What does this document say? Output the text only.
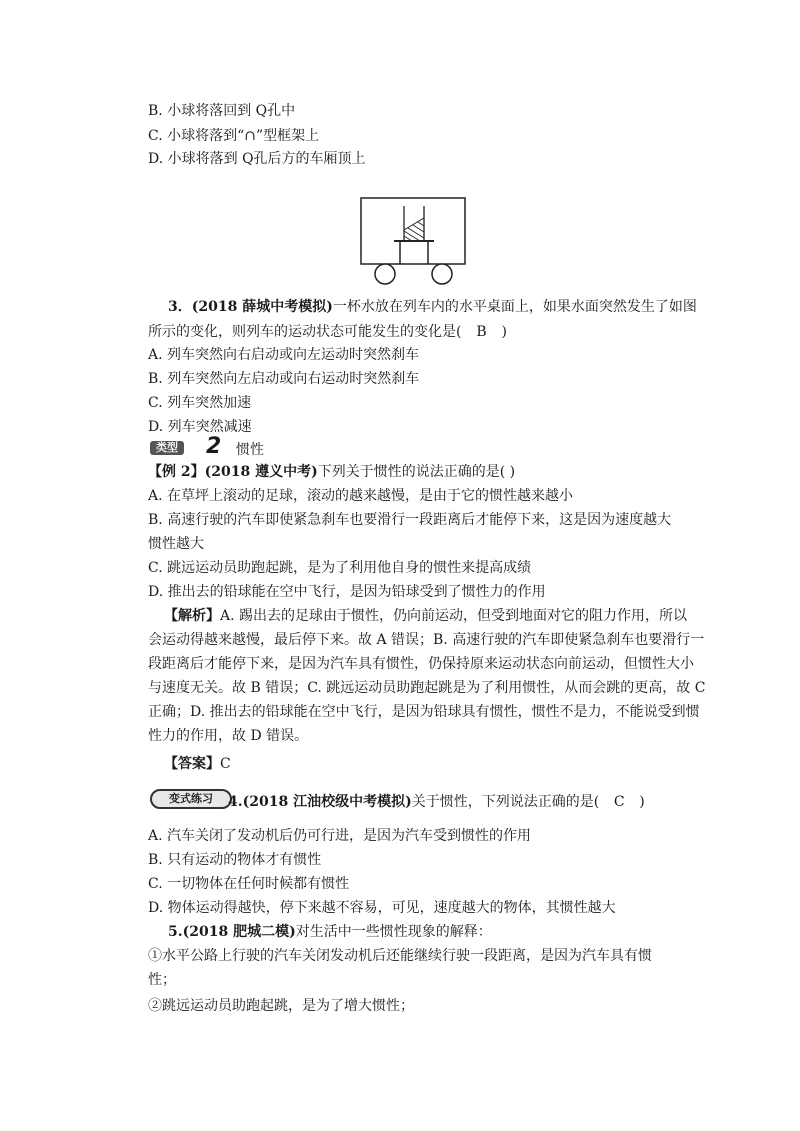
B. 小球将落回到 Q孔中
C. 小球将落到“∩”型框架上
D. 小球将落到 Q孔后方的车厢顶上
3．(2018 薛城中考模拟)一杯水放在列车内的水平桌面上，如果水面突然发生了如图
所示的变化，则列车的运动状态可能发生的变化是( B )
A. 列车突然向右启动或向左运动时突然刹车
B. 列车突然向左启动或向右运动时突然刹车
C. 列车突然加速
D. 列车突然减速
类型 2 惯性
【例 2】(2018 遵义中考)下列关于惯性的说法正确的是( )
A. 在草坪上滚动的足球，滚动的越来越慢，是由于它的惯性越来越小
B. 高速行驶的汽车即使紧急刹车也要滑行一段距离后才能停下来，这是因为速度越大
惯性越大
C. 跳远运动员助跑起跳，是为了利用他自身的惯性来提高成绩
D. 推出去的铅球能在空中飞行，是因为铅球受到了惯性力的作用
【解析】A. 踢出去的足球由于惯性，仍向前运动，但受到地面对它的阻力作用，所以
会运动得越来越慢，最后停下来。故 A 错误；B. 高速行驶的汽车即使紧急刹车也要滑行一
段距离后才能停下来，是因为汽车具有惯性，仍保持原来运动状态向前运动，但惯性大小
与速度无关。故 B 错误；C. 跳远运动员助跑起跳是为了利用惯性，从而会跳的更高，故 C
正确；D. 推出去的铅球能在空中飞行，是因为铅球具有惯性，惯性不是力，不能说受到惯
性力的作用，故 D 错误。
【答案】C
变式练习	4.(2018 江油校级中考模拟)关于惯性，下列说法正确的是( C )
A. 汽车关闭了发动机后仍可行进，是因为汽车受到惯性的作用
B. 只有运动的物体才有惯性
C. 一切物体在任何时候都有惯性
D. 物体运动得越快，停下来越不容易，可见，速度越大的物体，其惯性越大
5.(2018 肥城二模)对生活中一些惯性现象的解释：
①水平公路上行驶的汽车关闭发动机后还能继续行驶一段距离，是因为汽车具有惯
性；
②跳远运动员助跑起跳，是为了增大惯性；
